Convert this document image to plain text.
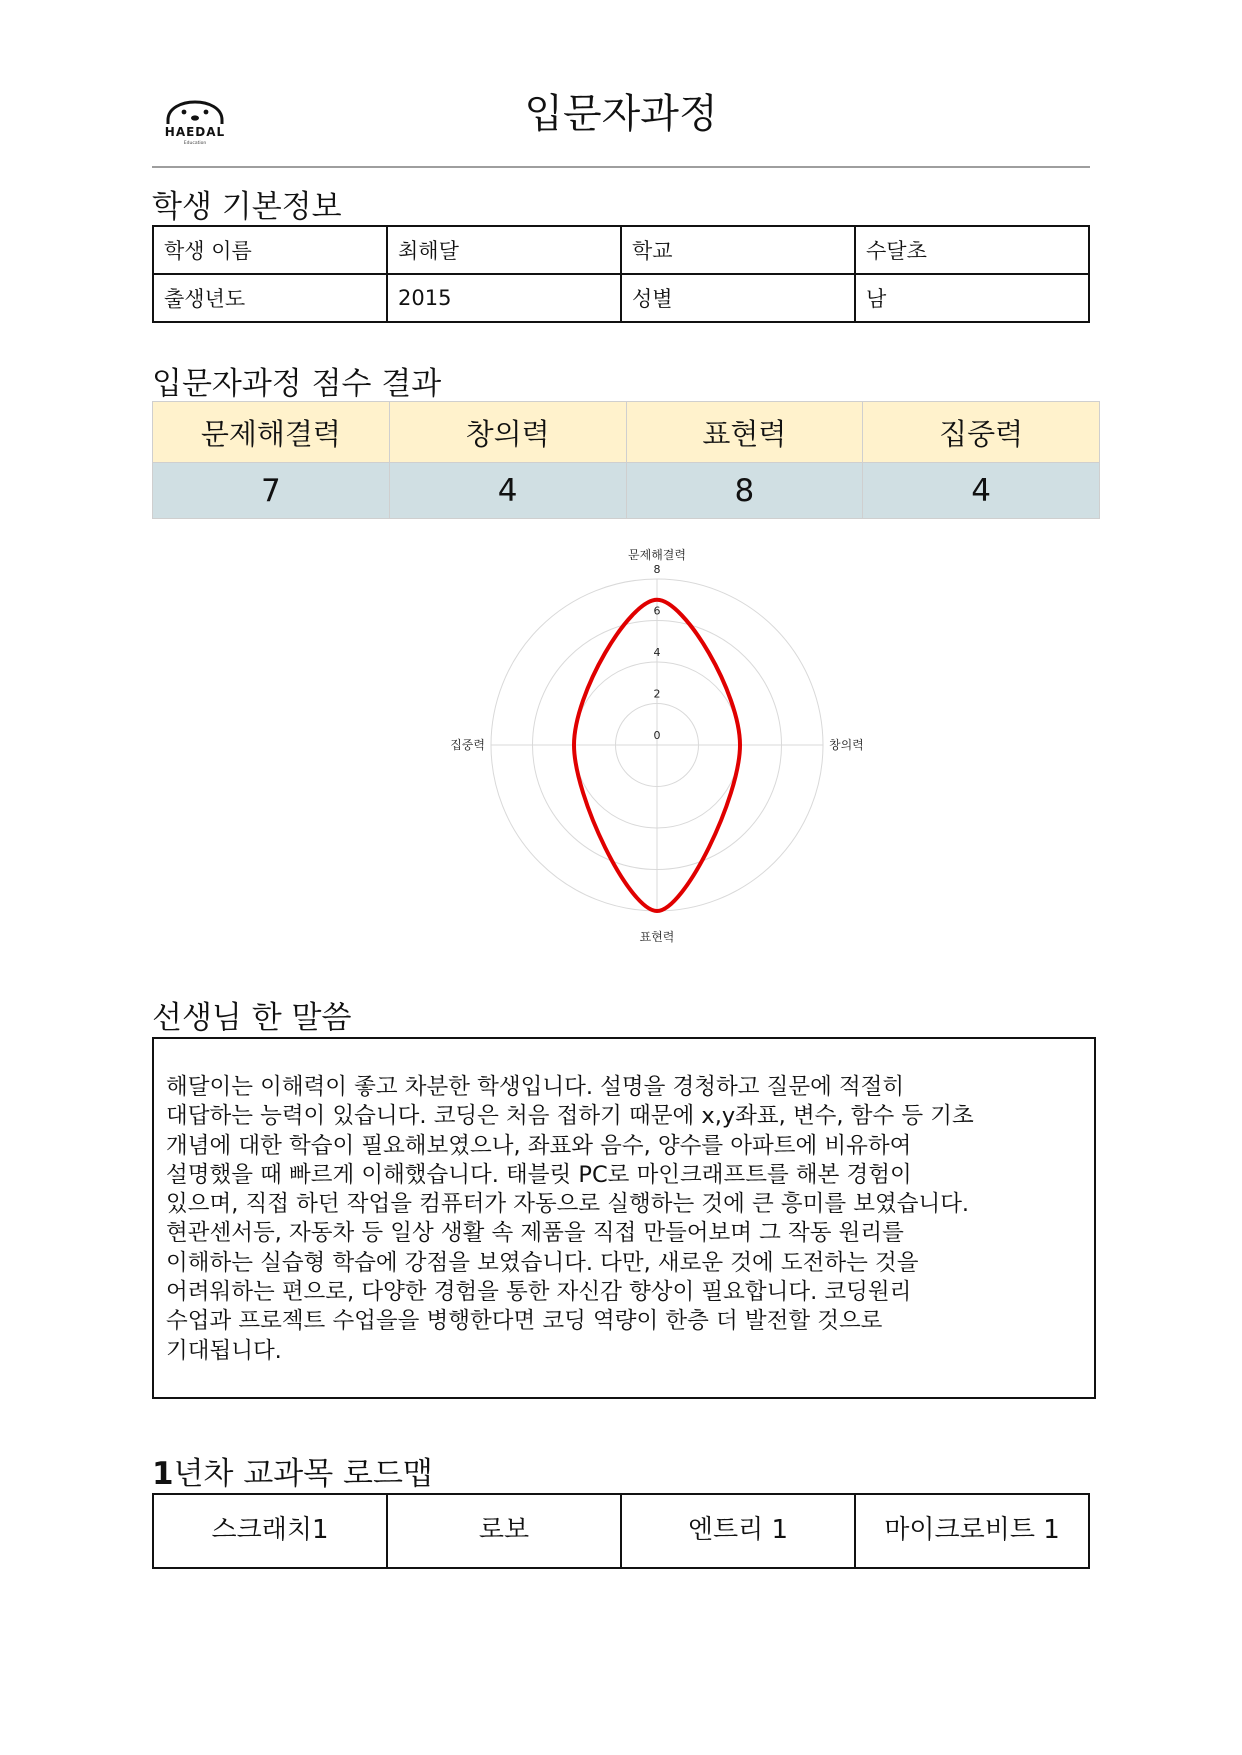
HAEDAL
Education
입문자과정
학생 기본정보
학생 이름	최해달	학교	수달초
출생년도	2015	성별	남
입문자과정 점수 결과
문제해결력	창의력	표현력	집중력
7	4	8	4
0
2
4
6
8
문제해결력
창의력
표현력
집중력
선생님 한 말씀
해달이는 이해력이 좋고 차분한 학생입니다. 설명을 경청하고 질문에 적절히
대답하는 능력이 있습니다. 코딩은 처음 접하기 때문에 x,y좌표, 변수, 함수 등 기초
개념에 대한 학습이 필요해보였으나, 좌표와 음수, 양수를 아파트에 비유하여
설명했을 때 빠르게 이해했습니다. 태블릿 PC로 마인크래프트를 해본 경험이
있으며, 직접 하던 작업을 컴퓨터가 자동으로 실행하는 것에 큰 흥미를 보였습니다.
현관센서등, 자동차 등 일상 생활 속 제품을 직접 만들어보며 그 작동 원리를
이해하는 실습형 학습에 강점을 보였습니다. 다만, 새로운 것에 도전하는 것을
어려워하는 편으로, 다양한 경험을 통한 자신감 향상이 필요합니다. 코딩원리
수업과 프로젝트 수업을을 병행한다면 코딩 역량이 한층 더 발전할 것으로
기대됩니다.
1년차 교과목 로드맵
스크래치1	로보	엔트리 1	마이크로비트 1
